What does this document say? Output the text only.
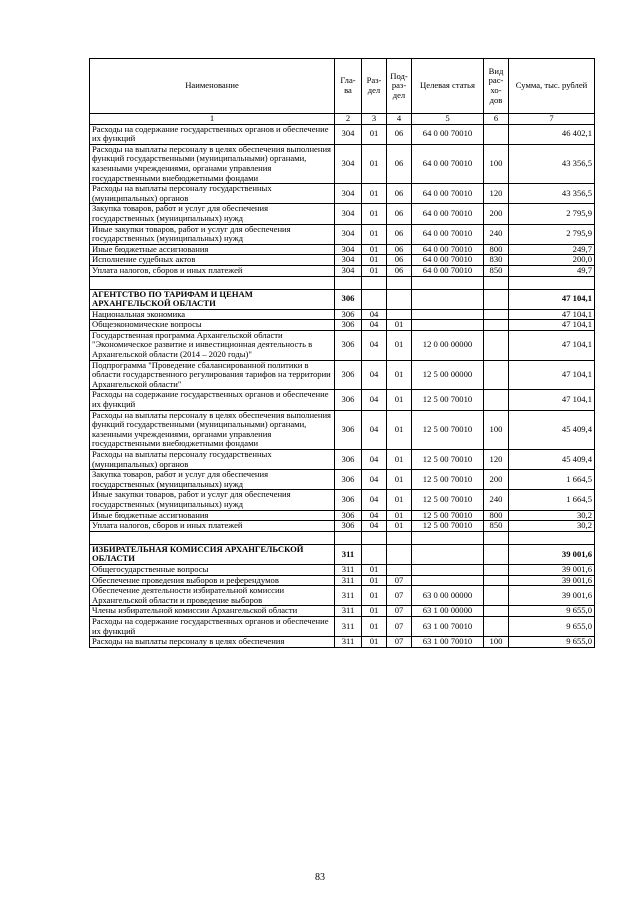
Наименование	Гла-ва	Раз-дел	Под-раз-дел	Целевая статья	Вид рас-хо-дов	Сумма, тыс. рублей
1	2	3	4	5	6	7
Расходы на содержание государственных органов и обеспечение их функций	304	01	06	64 0 00 70010		46 402,1
Расходы на выплаты персоналу в целях обеспечения выполнения функций государственными (муниципальными) органами, казенными учреждениями, органами управления государственными внебюджетными фондами	304	01	06	64 0 00 70010	100	43 356,5
Расходы на выплаты персоналу государственных (муниципальных) органов	304	01	06	64 0 00 70010	120	43 356,5
Закупка товаров, работ и услуг для обеспечения государственных (муниципальных) нужд	304	01	06	64 0 00 70010	200	2 795,9
Иные закупки товаров, работ и услуг для обеспечения государственных (муниципальных) нужд	304	01	06	64 0 00 70010	240	2 795,9
Иные бюджетные ассигнования	304	01	06	64 0 00 70010	800	249,7
Исполнение судебных актов	304	01	06	64 0 00 70010	830	200,0
Уплата налогов, сборов и иных платежей	304	01	06	64 0 00 70010	850	49,7

АГЕНТСТВО ПО ТАРИФАМ И ЦЕНАМ АРХАНГЕЛЬСКОЙ ОБЛАСТИ	306					47 104,1
Национальная экономика	306	04				47 104,1
Общеэкономические вопросы	306	04	01			47 104,1
Государственная программа Архангельской области "Экономическое развитие и инвестиционная деятельность в Архангельской области (2014 – 2020 годы)"	306	04	01	12 0 00 00000		47 104,1
Подпрограмма "Проведение сбалансированной политики в области государственного регулирования тарифов на территории Архангельской области"	306	04	01	12 5 00 00000		47 104,1
Расходы на содержание государственных органов и обеспечение их функций	306	04	01	12 5 00 70010		47 104,1
Расходы на выплаты персоналу в целях обеспечения выполнения функций государственными (муниципальными) органами, казенными учреждениями, органами управления государственными внебюджетными фондами	306	04	01	12 5 00 70010	100	45 409,4
Расходы на выплаты персоналу государственных (муниципальных) органов	306	04	01	12 5 00 70010	120	45 409,4
Закупка товаров, работ и услуг для обеспечения государственных (муниципальных) нужд	306	04	01	12 5 00 70010	200	1 664,5
Иные закупки товаров, работ и услуг для обеспечения государственных (муниципальных) нужд	306	04	01	12 5 00 70010	240	1 664,5
Иные бюджетные ассигнования	306	04	01	12 5 00 70010	800	30,2
Уплата налогов, сборов и иных платежей	306	04	01	12 5 00 70010	850	30,2

ИЗБИРАТЕЛЬНАЯ КОМИССИЯ АРХАНГЕЛЬСКОЙ ОБЛАСТИ	311					39 001,6
Общегосударственные вопросы	311	01				39 001,6
Обеспечение проведения выборов и референдумов	311	01	07			39 001,6
Обеспечение деятельности избирательной комиссии Архангельской области и проведение выборов	311	01	07	63 0 00 00000		39 001,6
Члены избирательной комиссии Архангельской области	311	01	07	63 1 00 00000		9 655,0
Расходы на содержание государственных органов и обеспечение их функций	311	01	07	63 1 00 70010		9 655,0
Расходы на выплаты персоналу в целях обеспечения	311	01	07	63 1 00 70010	100	9 655,0
83
